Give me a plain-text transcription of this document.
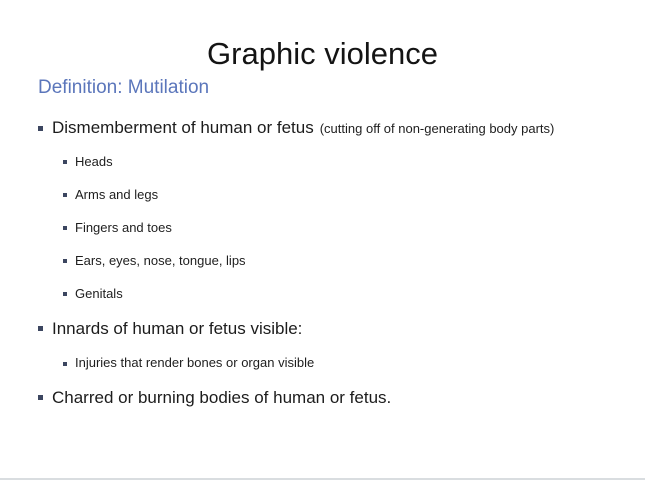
Graphic violence
Definition: Mutilation
Dismemberment of human or fetus (cutting off of non-generating body parts)
Heads
Arms and legs
Fingers and toes
Ears, eyes, nose, tongue, lips
Genitals
Innards of human or fetus visible:
Injuries that render bones or organ visible
Charred or burning bodies of human or fetus.
